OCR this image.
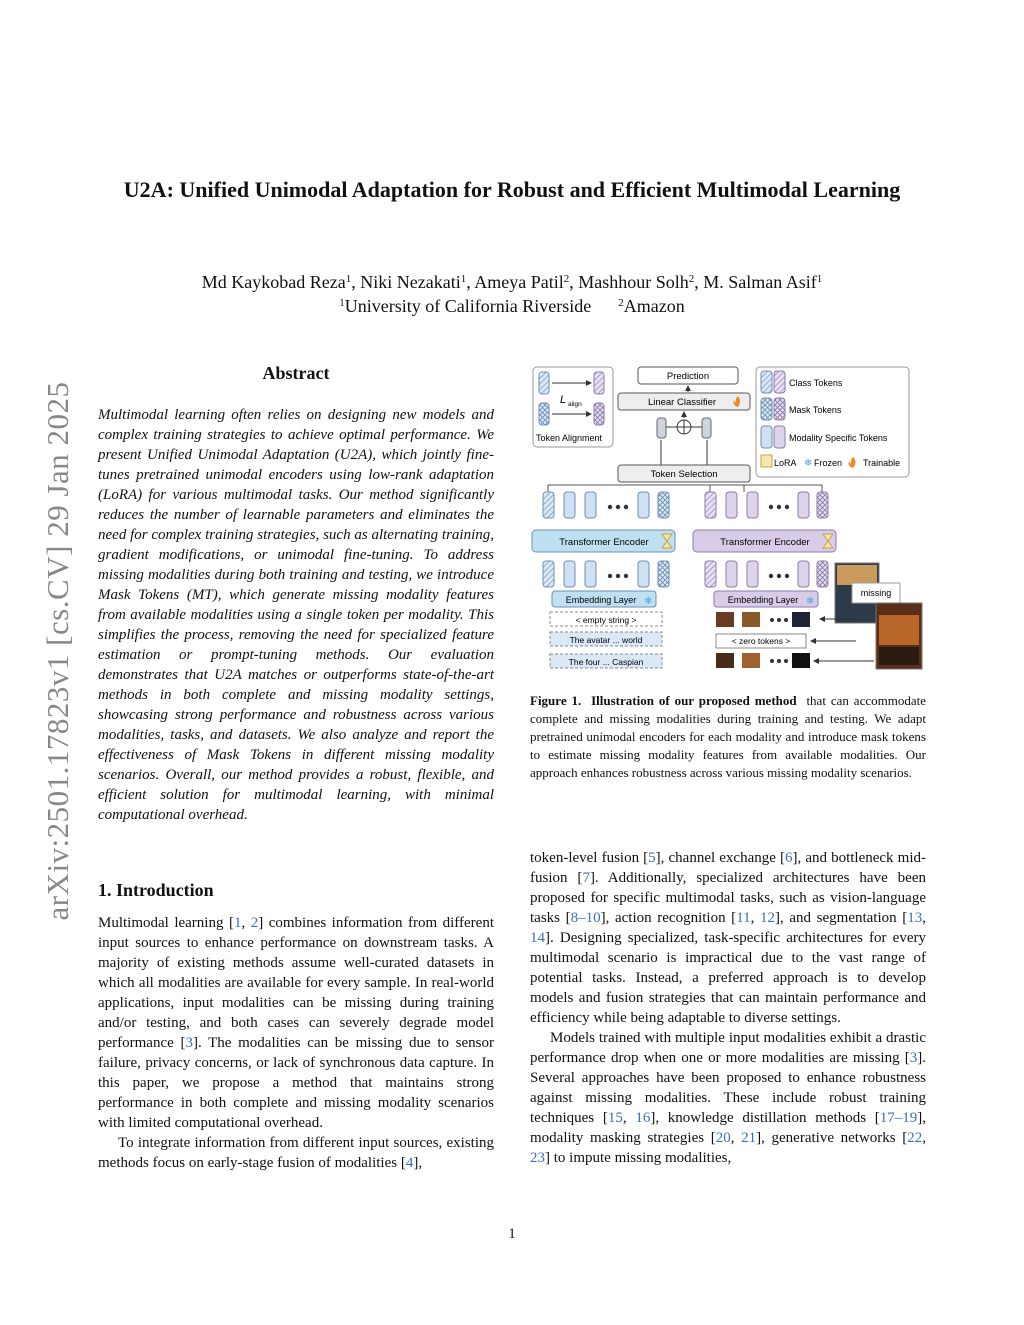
U2A: Unified Unimodal Adaptation for Robust and Efficient Multimodal Learning
Md Kaykobad Reza$^1$, Niki Nezakati$^1$, Ameya Patil$^2$, Mashhour Solh$^2$, M. Salman Asif$^1$
$^1$University of California Riverside $^2$Amazon
arXiv:2501.17823v1 [cs.CV] 29 Jan 2025
Abstract
Multimodal learning often relies on designing new models and complex training strategies to achieve optimal performance. We present Unified Unimodal Adaptation (U2A), which jointly fine-tunes pretrained unimodal encoders using low-rank adaptation (LoRA) for various multimodal tasks. Our method significantly reduces the number of learnable parameters and eliminates the need for complex training strategies, such as alternating training, gradient modifications, or unimodal fine-tuning. To address missing modalities during both training and testing, we introduce Mask Tokens (MT), which generate missing modality features from available modalities using a single token per modality. This simplifies the process, removing the need for specialized feature estimation or prompt-tuning methods. Our evaluation demonstrates that U2A matches or outperforms state-of-the-art methods in both complete and missing modality settings, showcasing strong performance and robustness across various modalities, tasks, and datasets. We also analyze and report the effectiveness of Mask Tokens in different missing modality scenarios. Overall, our method provides a robust, flexible, and efficient solution for multimodal learning, with minimal computational overhead.
1. Introduction

Multimodal learning [1, 2] combines information from different input sources to enhance performance on downstream tasks. A majority of existing methods assume well-curated datasets in which all modalities are available for every sample. In real-world applications, input modalities can be missing during training and/or testing, and both cases can severely degrade model performance [3]. The modalities can be missing due to sensor failure, privacy concerns, or lack of synchronous data capture. In this paper, we propose a method that maintains strong performance in both complete and missing modality scenarios with limited computational overhead.

To integrate information from different input sources, existing methods focus on early-stage fusion of modalities [4],

token-level fusion [5], channel exchange [6], and bottleneck mid-fusion [7]. Additionally, specialized architectures have been proposed for specific multimodal tasks, such as vision-language tasks [8–10], action recognition [11, 12], and segmentation [13, 14]. Designing specialized, task-specific architectures for every multimodal scenario is impractical due to the vast range of potential tasks. Instead, a preferred approach is to develop models and fusion strategies that can maintain performance and efficiency while being adaptable to diverse settings.

Models trained with multiple input modalities exhibit a drastic performance drop when one or more modalities are missing [3]. Several approaches have been proposed to enhance robustness against missing modalities. These include robust training techniques [15, 16], knowledge distillation methods [17–19], modality masking strategies [20, 21], generative networks [22, 23] to impute missing modalities,

L align
Token Alignment
Prediction
Linear Classifier
Class Tokens
Mask Tokens
Modality Specific Tokens
LoRA ❄ Frozen Trainable
Token Selection
Transformer Encoder	Transformer Encoder
Embedding Layer ❄	Embedding Layer ❄
< empty string >
The avatar ... world
The four ... Caspian
< zero tokens >
missing
Figure 1. Illustration of our proposed method that can accommodate complete and missing modalities during training and testing. We adapt pretrained unimodal encoders for each modality and introduce mask tokens to estimate missing modality features from available modalities. Our approach enhances robustness across various missing modality scenarios.
1
